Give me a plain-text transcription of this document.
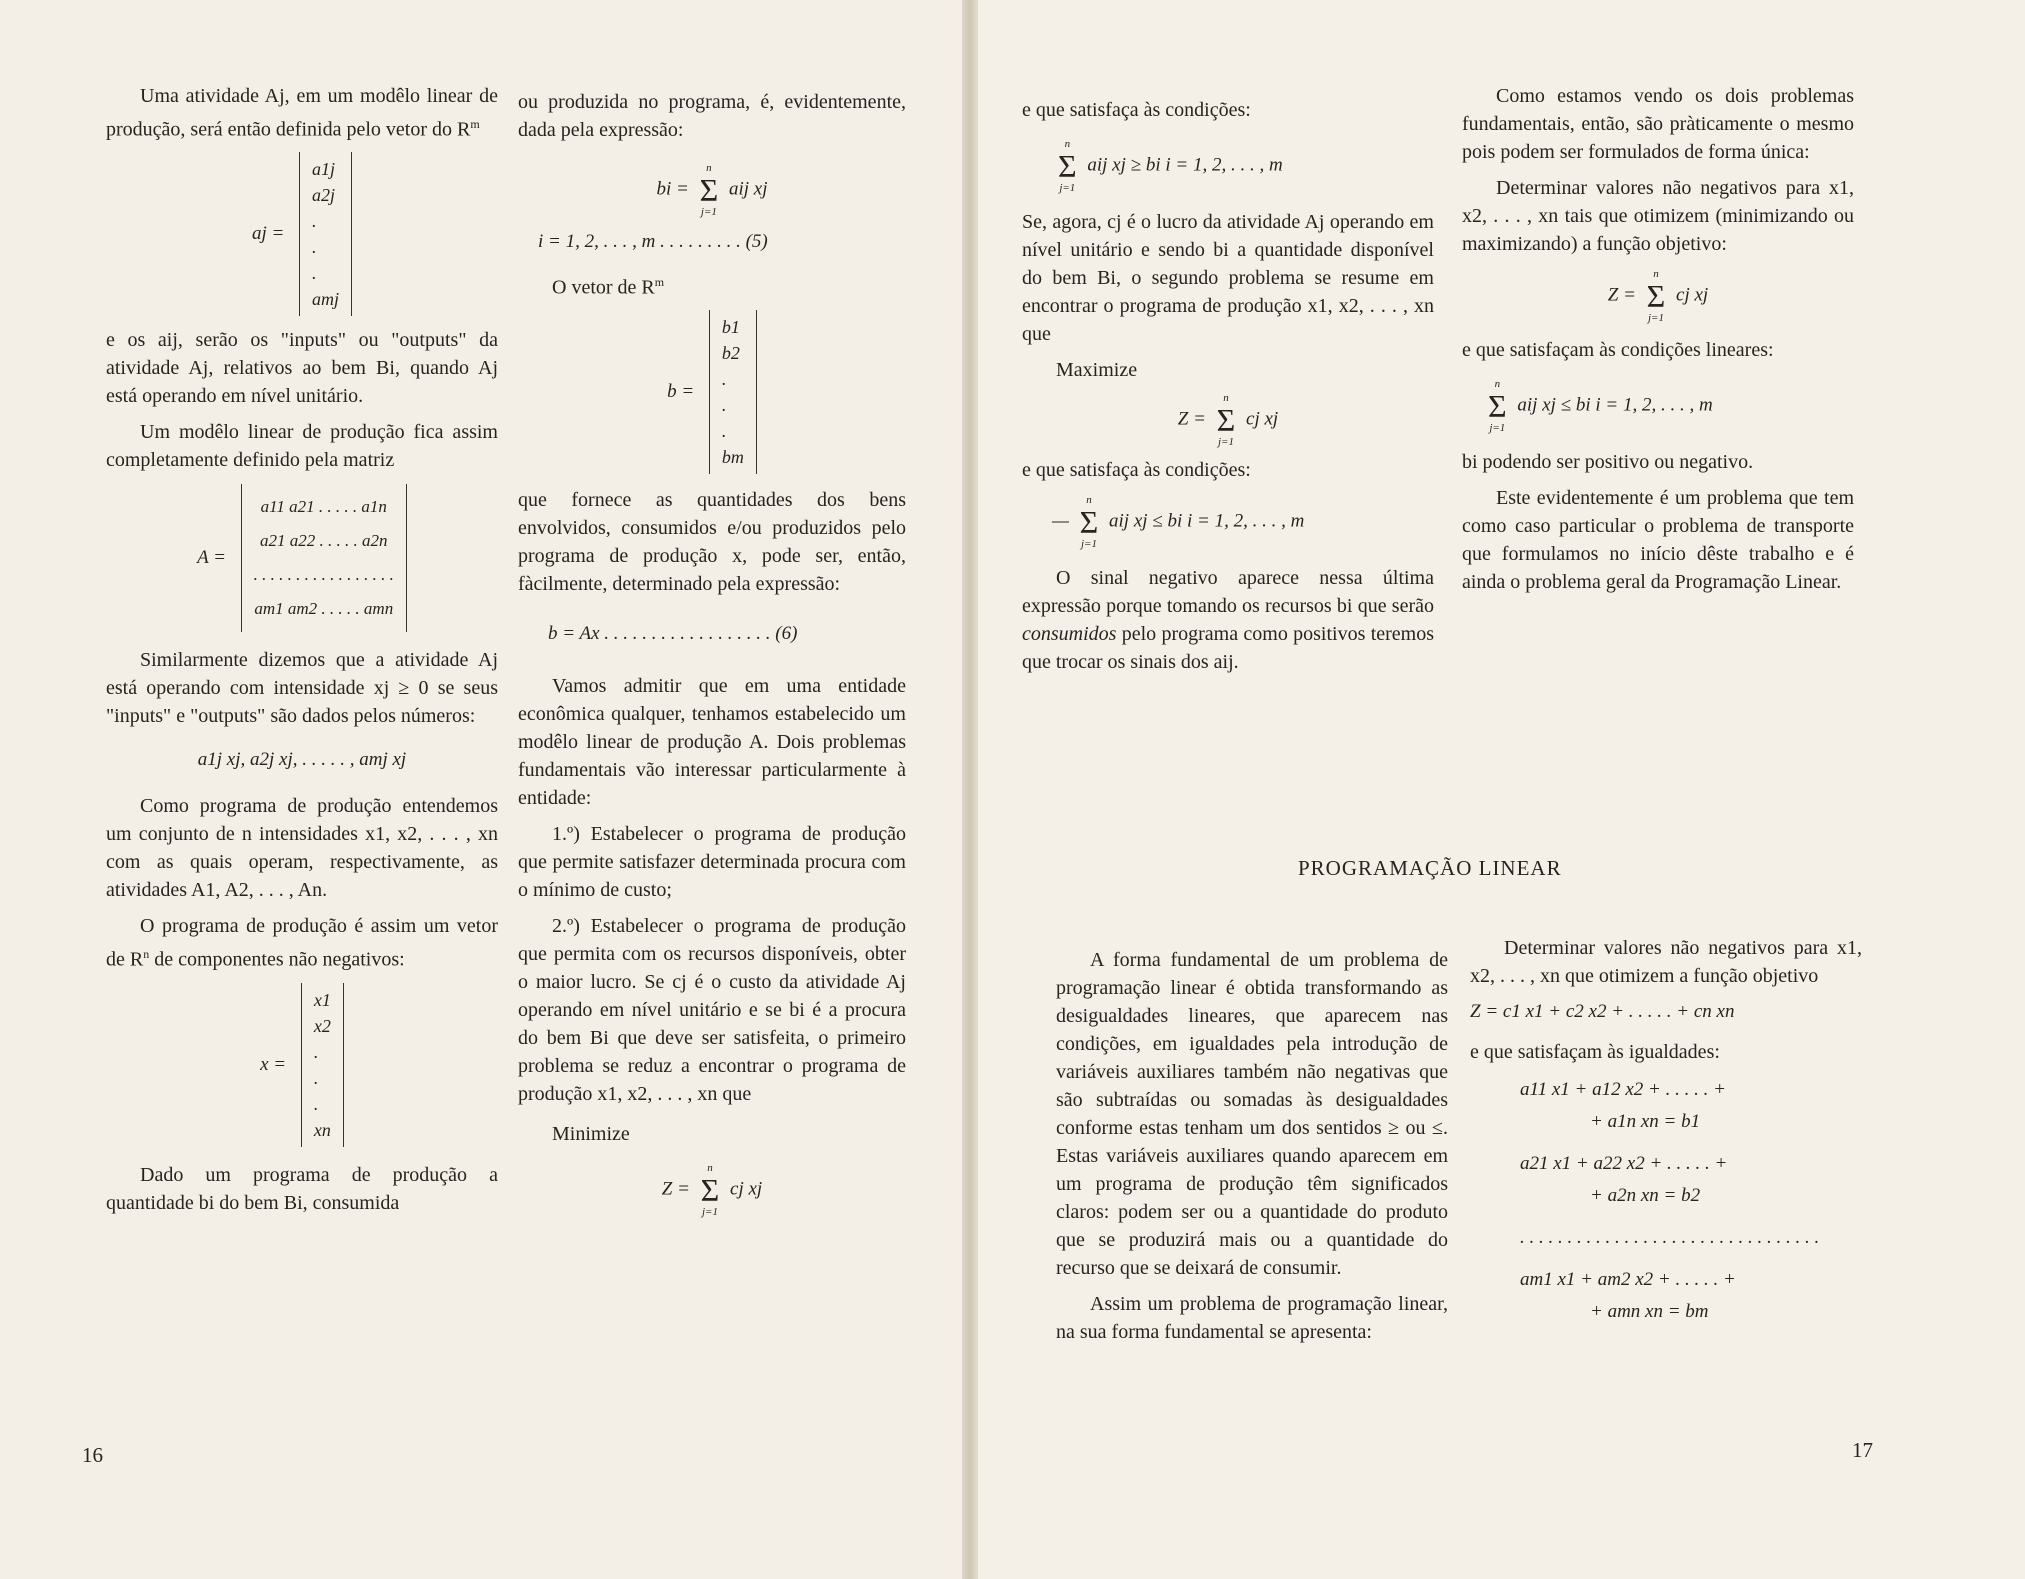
Uma atividade Aj, em um modêlo linear de produção, será então definida pelo vetor do $R^m$

aj =
a1j
a2j
.
.
.
amj

e os aij, serão os "inputs" ou "outputs" da atividade Aj, relativos ao bem Bi, quando Aj está operando em nível unitário.

Um modêlo linear de produção fica assim completamente definido pela matriz

A =
a11 a21 . . . . . a1n
a21 a22 . . . . . a2n
. . . . . . . . . . . . . . . . .
am1 am2 . . . . . amn

Similarmente dizemos que a atividade Aj está operando com intensidade xj ≥ 0 se seus "inputs" e "outputs" são dados pelos números:

a1j xj, a2j xj, . . . . . , amj xj

Como programa de produção entendemos um conjunto de n intensidades x1, x2, . . . , xn com as quais operam, respectivamente, as atividades A1, A2, . . . , An.

O programa de produção é assim um vetor de $R^n$ de componentes não negativos:

x =
x1
x2
.
.
.
xn

Dado um programa de produção a quantidade bi do bem Bi, consumida

ou produzida no programa, é, evidentemente, dada pela expressão:

bi =
n
Σ
j=1
aij xj
i = 1, 2, . . . , m . . . . . . . . . (5)

O vetor de $R^m$

b =
b1
b2
.
.
.
bm

que fornece as quantidades dos bens envolvidos, consumidos e/ou produzidos pelo programa de produção x, pode ser, então, fàcilmente, determinado pela expressão:

b = Ax . . . . . . . . . . . . . . . . . . (6)

Vamos admitir que em uma entidade econômica qualquer, tenhamos estabelecido um modêlo linear de produção A. Dois problemas fundamentais vão interessar particularmente à entidade:

1.º) Estabelecer o programa de produção que permite satisfazer determinada procura com o mínimo de custo;

2.º) Estabelecer o programa de produção que permita com os recursos disponíveis, obter o maior lucro. Se cj é o custo da atividade Aj operando em nível unitário e se bi é a procura do bem Bi que deve ser satisfeita, o primeiro problema se reduz a encontrar o programa de produção x1, x2, . . . , xn que

Minimize

Z =
n
Σ
j=1
cj xj
16

e que satisfaça às condições:

n
Σ
j=1
aij xj ≥ bi i = 1, 2, . . . , m

Se, agora, cj é o lucro da atividade Aj operando em nível unitário e sendo bi a quantidade disponível do bem Bi, o segundo problema se resume em encontrar o programa de produção x1, x2, . . . , xn que

Maximize

Z =
n
Σ
j=1
cj xj

e que satisfaça às condições:

—
n
Σ
j=1
aij xj ≤ bi i = 1, 2, . . . , m

O sinal negativo aparece nessa última expressão porque tomando os recursos bi que serão consumidos pelo programa como positivos teremos que trocar os sinais dos aij.

Como estamos vendo os dois problemas fundamentais, então, são pràticamente o mesmo pois podem ser formulados de forma única:

Determinar valores não negativos para x1, x2, . . . , xn tais que otimizem (minimizando ou maximizando) a função objetivo:

Z =
n
Σ
j=1
cj xj

e que satisfaçam às condições lineares:

n
Σ
j=1
aij xj ≤ bi i = 1, 2, . . . , m

bi podendo ser positivo ou negativo.

Este evidentemente é um problema que tem como caso particular o problema de transporte que formulamos no início dêste trabalho e é ainda o problema geral da Programação Linear.

PROGRAMAÇÃO LINEAR

A forma fundamental de um problema de programação linear é obtida transformando as desigualdades lineares, que aparecem nas condições, em igualdades pela introdução de variáveis auxiliares também não negativas que são subtraídas ou somadas às desigualdades conforme estas tenham um dos sentidos ≥ ou ≤. Estas variáveis auxiliares quando aparecem em um programa de produção têm significados claros: podem ser ou a quantidade do produto que se produzirá mais ou a quantidade do recurso que se deixará de consumir.

Assim um problema de programação linear, na sua forma fundamental se apresenta:

Determinar valores não negativos para x1, x2, . . . , xn que otimizem a função objetivo

Z = c1 x1 + c2 x2 + . . . . . + cn xn

e que satisfaçam às igualdades:

a11 x1 + a12 x2 + . . . . . +
+ a1n xn = b1
a21 x1 + a22 x2 + . . . . . +
+ a2n xn = b2
. . . . . . . . . . . . . . . . . . . . . . . . . . . . . . . .
am1 x1 + am2 x2 + . . . . . +
+ amn xn = bm
17
